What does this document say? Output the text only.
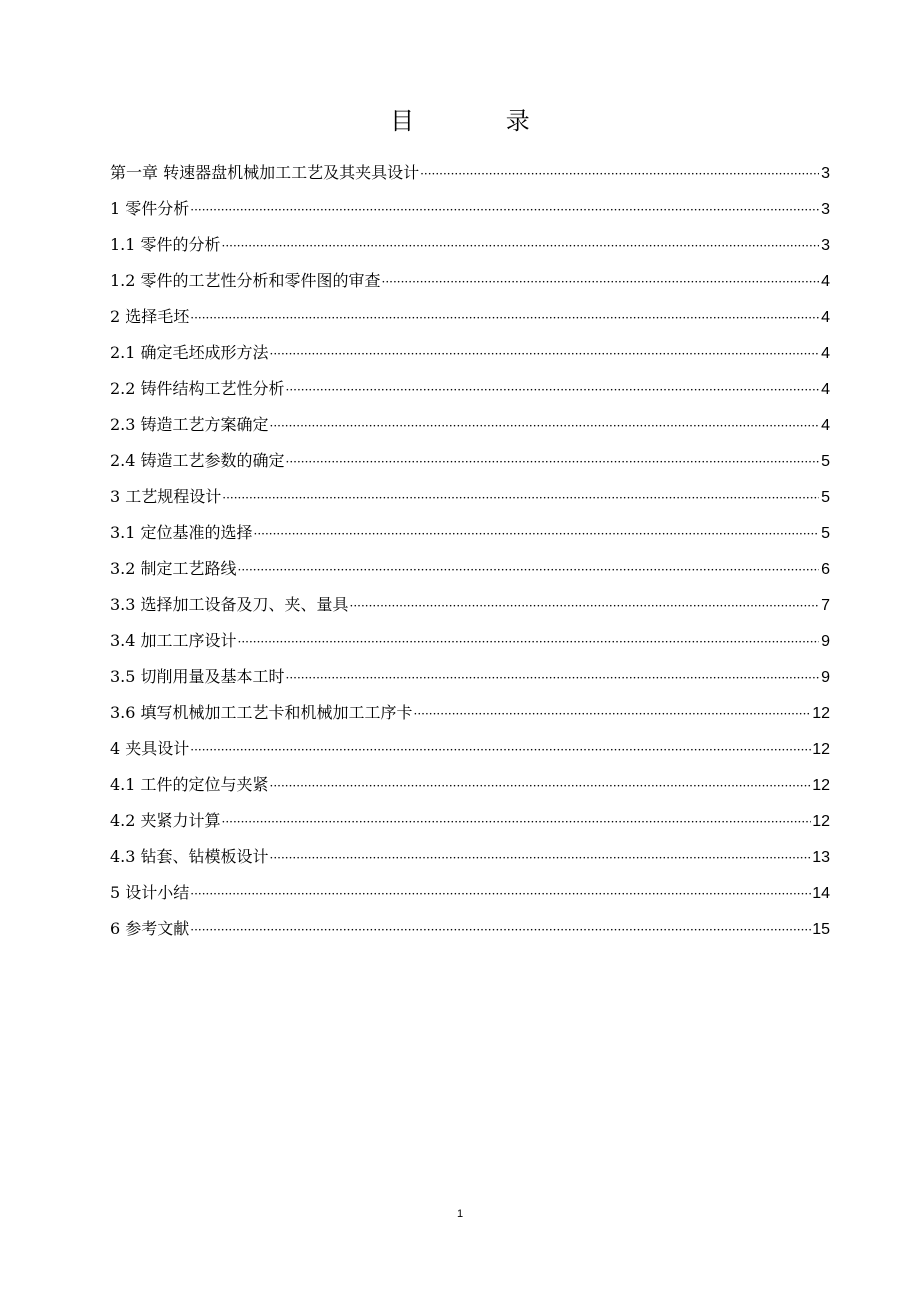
目 录
第一章 转速器盘机械加工工艺及其夹具设计 ·····	3
1 零件分析 ·····	3
1.1 零件的分析 ·····	3
1.2 零件的工艺性分析和零件图的审查 ·····	4
2 选择毛坯 ·····	4
2.1 确定毛坯成形方法 ·····	4
2.2 铸件结构工艺性分析 ·····	4
2.3 铸造工艺方案确定 ·····	4
2.4 铸造工艺参数的确定 ·····	5
3 工艺规程设计 ·····	5
3.1 定位基准的选择 ·····	5
3.2 制定工艺路线 ·····	6
3.3 选择加工设备及刀、夹、量具 ·····	7
3.4 加工工序设计 ·····	9
3.5 切削用量及基本工时 ·····	9
3.6 填写机械加工工艺卡和机械加工工序卡 ·····	12
4 夹具设计 ·····	12
4.1 工件的定位与夹紧 ·····	12
4.2 夹紧力计算 ·····	12
4.3 钻套、钻模板设计 ·····	13
5 设计小结 ·····	14
6 参考文献 ·····	15
1
